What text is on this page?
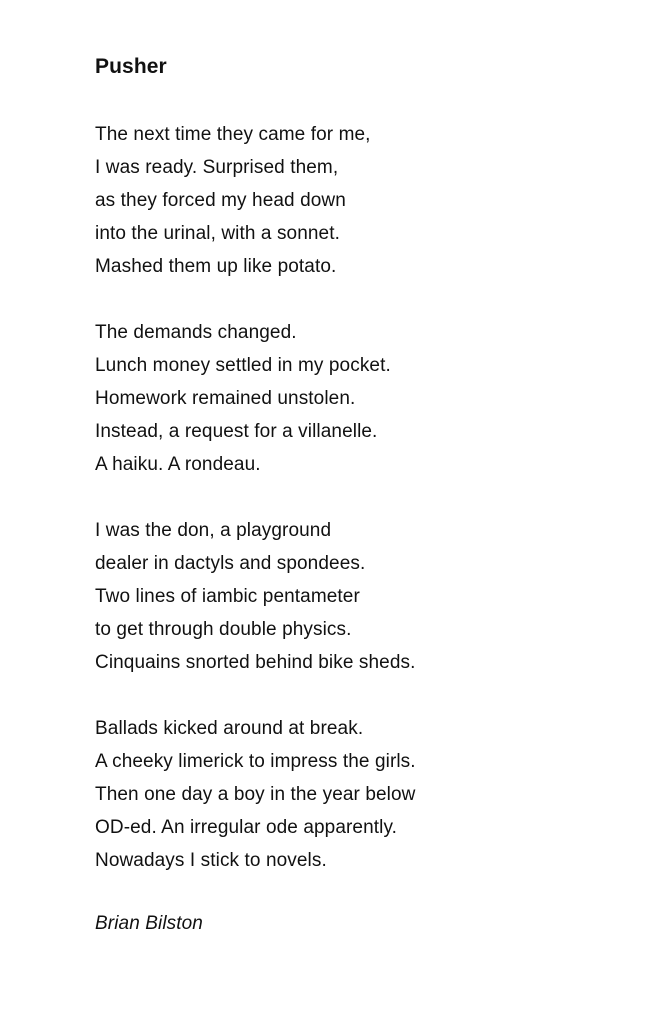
Pusher
The next time they came for me,
I was ready. Surprised them,
as they forced my head down
into the urinal, with a sonnet.
Mashed them up like potato.
The demands changed.
Lunch money settled in my pocket.
Homework remained unstolen.
Instead, a request for a villanelle.
A haiku. A rondeau.
I was the don, a playground
dealer in dactyls and spondees.
Two lines of iambic pentameter
to get through double physics.
Cinquains snorted behind bike sheds.
Ballads kicked around at break.
A cheeky limerick to impress the girls.
Then one day a boy in the year below
OD-ed. An irregular ode apparently.
Nowadays I stick to novels.
Brian Bilston
